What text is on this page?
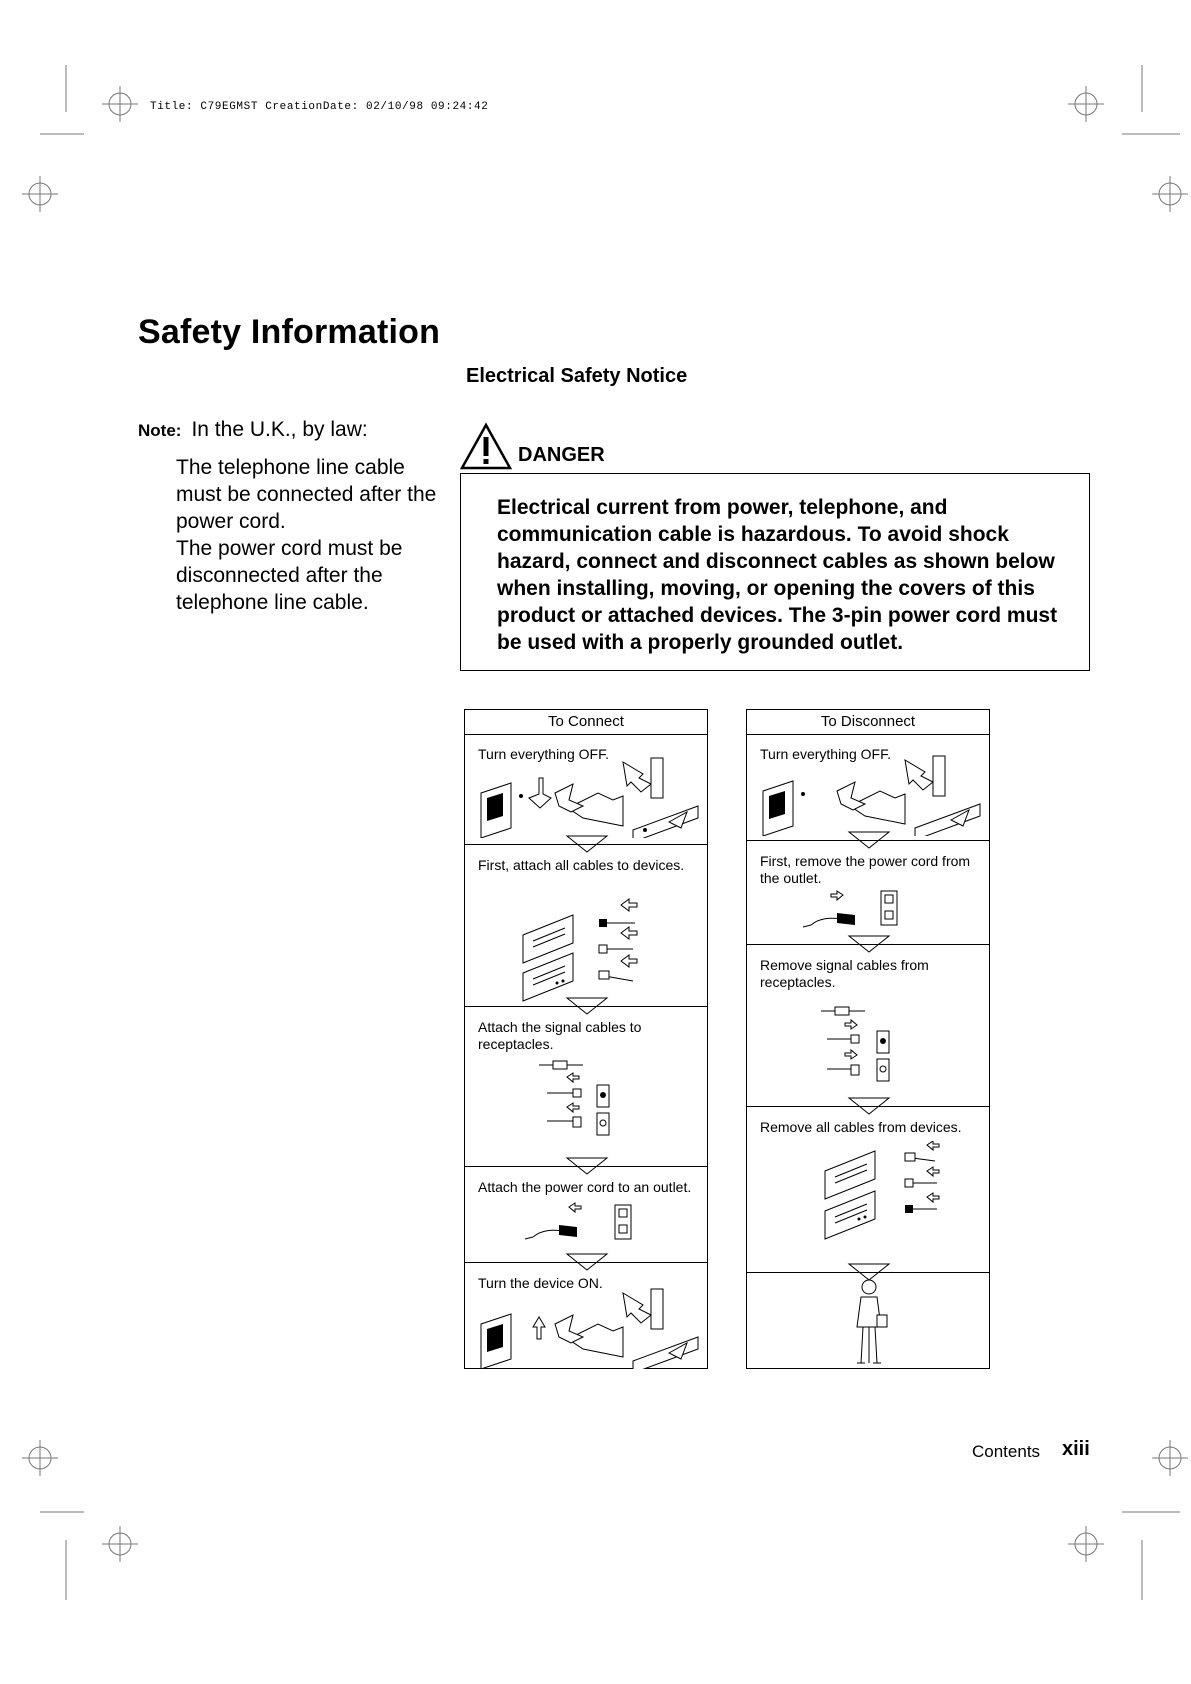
Title: C79EGMST CreationDate: 02/10/98 09:24:42
Safety Information
Electrical Safety Notice
Note: In the U.K., by law:
The telephone line cable must be connected after the power cord.
The power cord must be disconnected after the telephone line cable.
DANGER
Electrical current from power, telephone, and communication cable is hazardous. To avoid shock hazard, connect and disconnect cables as shown below when installing, moving, or opening the covers of this product or attached devices. The 3-pin power cord must be used with a properly grounded outlet.
To Connect
Turn everything OFF.
First, attach all cables to devices.
Attach the signal cables to receptacles.
Attach the power cord to an outlet.
Turn the device ON.
To Disconnect
Turn everything OFF.
First, remove the power cord from the outlet.
Remove signal cables from receptacles.
Remove all cables from devices.
Contents xiii
